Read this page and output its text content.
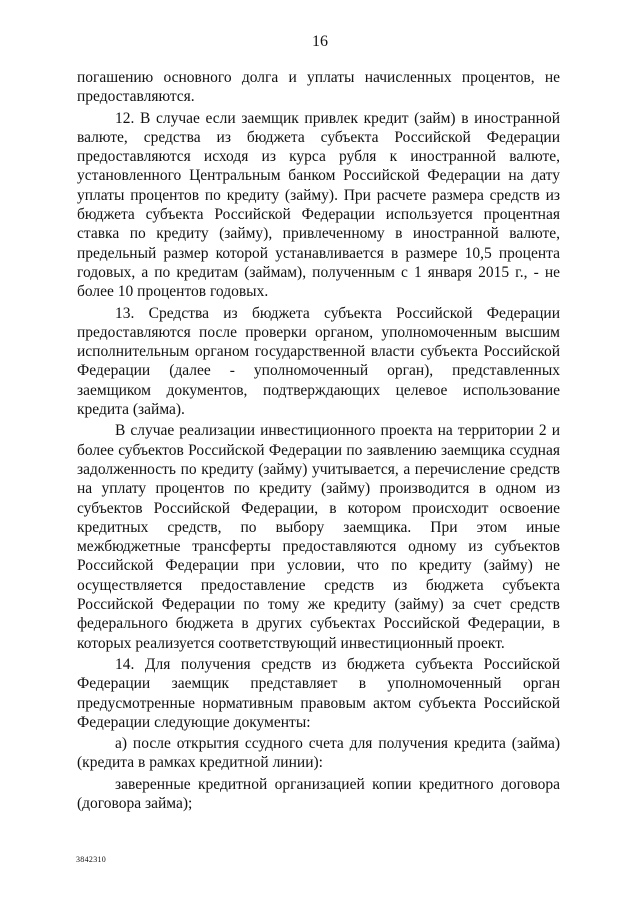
16

погашению основного долга и уплаты начисленных процентов, не предоставляются.

12. В случае если заемщик привлек кредит (займ) в иностранной валюте, средства из бюджета субъекта Российской Федерации предоставляются исходя из курса рубля к иностранной валюте, установленного Центральным банком Российской Федерации на дату уплаты процентов по кредиту (займу). При расчете размера средств из бюджета субъекта Российской Федерации используется процентная ставка по кредиту (займу), привлеченному в иностранной валюте, предельный размер которой устанавливается в размере 10,5 процента годовых, а по кредитам (займам), полученным с 1 января 2015 г., - не более 10 процентов годовых.

13. Средства из бюджета субъекта Российской Федерации предоставляются после проверки органом, уполномоченным высшим исполнительным органом государственной власти субъекта Российской Федерации (далее - уполномоченный орган), представленных заемщиком документов, подтверждающих целевое использование кредита (займа).

В случае реализации инвестиционного проекта на территории 2 и более субъектов Российской Федерации по заявлению заемщика ссудная задолженность по кредиту (займу) учитывается, а перечисление средств на уплату процентов по кредиту (займу) производится в одном из субъектов Российской Федерации, в котором происходит освоение кредитных средств, по выбору заемщика. При этом иные межбюджетные трансферты предоставляются одному из субъектов Российской Федерации при условии, что по кредиту (займу) не осуществляется предоставление средств из бюджета субъекта Российской Федерации по тому же кредиту (займу) за счет средств федерального бюджета в других субъектах Российской Федерации, в которых реализуется соответствующий инвестиционный проект.

14. Для получения средств из бюджета субъекта Российской Федерации заемщик представляет в уполномоченный орган предусмотренные нормативным правовым актом субъекта Российской Федерации следующие документы:

а) после открытия ссудного счета для получения кредита (займа) (кредита в рамках кредитной линии):

заверенные кредитной организацией копии кредитного договора (договора займа);

3842310
